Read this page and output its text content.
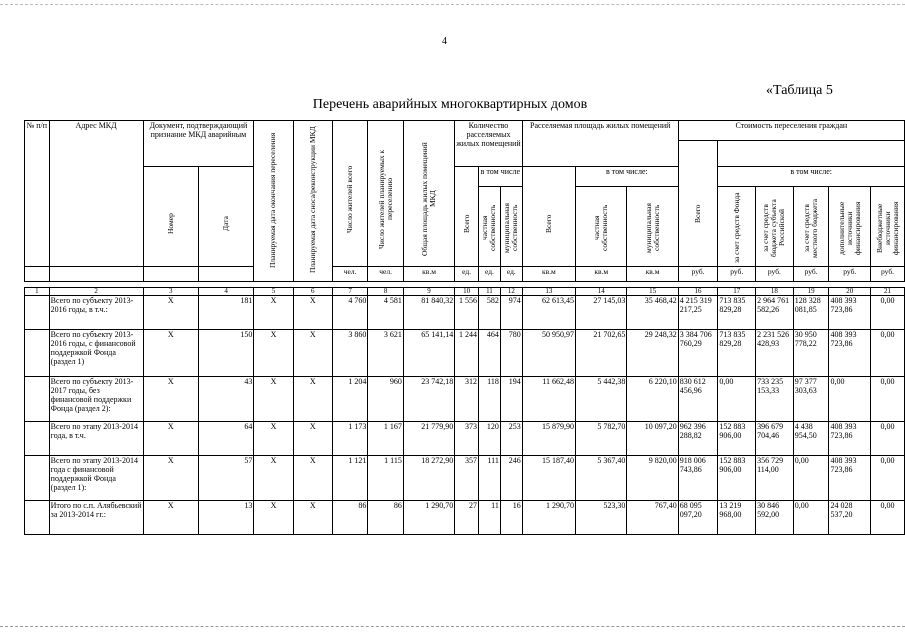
4
«Таблица 5
Перечень аварийных многоквартирных домов
№ п/п	Адрес МКД	Документ, подтверждающий признание МКД аварийным		Планируемая дата окончания переселения	Планируемая дата сноса/реконструкции МКД	Число жителей всего	Число жителей планируемых к переселению	Общая площадь жилых помещений МКД	Количество расселяемых жилых помещений			Расселяемая площадь жилых помещений			Стоимость переселения граждан					
															Всего					
		Номер	Дата						Всего	в том числе		Всего	в том числе:			в том числе:				
										частная собственность	муниципальная собственность		частная собственность	муниципальная собственность		за счет средств Фонда	за счет средств бюджета субъекта Российской	за счет средств местного бюджета	дополнительные источники финансирования	Внебюджетные источники финансирования
						чел.	чел.	кв.м	ед.	ед.	ед.	кв.м	кв.м	кв.м	руб.	руб.	руб.	руб.	руб.	руб.

1	2	3	4	5	6	7	8	9	10	11	12	13	14	15	16	17	18	19	20	21
	Всего по субъекту 2013-2016 годы, в т.ч.:	Х	181	Х	Х	4 760	4 581	81 840,32	1 556	582	974	62 613,45	27 145,03	35 468,42	4 215 319 217,25	713 835 829,28	2 964 761 582,26	128 328 081,85	408 393 723,86	0,00
	Всего по субъекту 2013-2016 годы, с финансовой поддержкой Фонда (раздел 1)	Х	150	Х	Х	3 860	3 621	65 141,14	1 244	464	780	50 950,97	21 702,65	29 248,32	3 384 706 760,29	713 835 829,28	2 231 526 428,93	30 950 778,22	408 393 723,86	0,00
	Всего по субъекту 2013-2017 годы, без финансовой поддержки Фонда (раздел 2):	Х	43	Х	Х	1 204	960	23 742,18	312	118	194	11 662,48	5 442,38	6 220,10	830 612 456,96	0,00	733 235 153,33	97 377 303,63	0,00	0,00
	Всего по этапу 2013-2014 года, в т.ч.	Х	64	Х	Х	1 173	1 167	21 779,90	373	120	253	15 879,90	5 782,70	10 097,20	962 396 288,82	152 883 906,00	396 679 704,46	4 438 954,50	408 393 723,86	0,00
	Всего по этапу 2013-2014 года с финансовой поддержкой Фонда (раздел 1):	Х	57	Х	Х	1 121	1 115	18 272,90	357	111	246	15 187,40	5 367,40	9 820,00	918 006 743,86	152 883 906,00	356 729 114,00	0,00	408 393 723,86	0,00
	Итого по с.п. Алябьевский за 2013-2014 гг.:	Х	13	Х	Х	86	86	1 290,70	27	11	16	1 290,70	523,30	767,40	68 095 097,20	13 219 968,00	30 846 592,00	0,00	24 028 537,20	0,00
